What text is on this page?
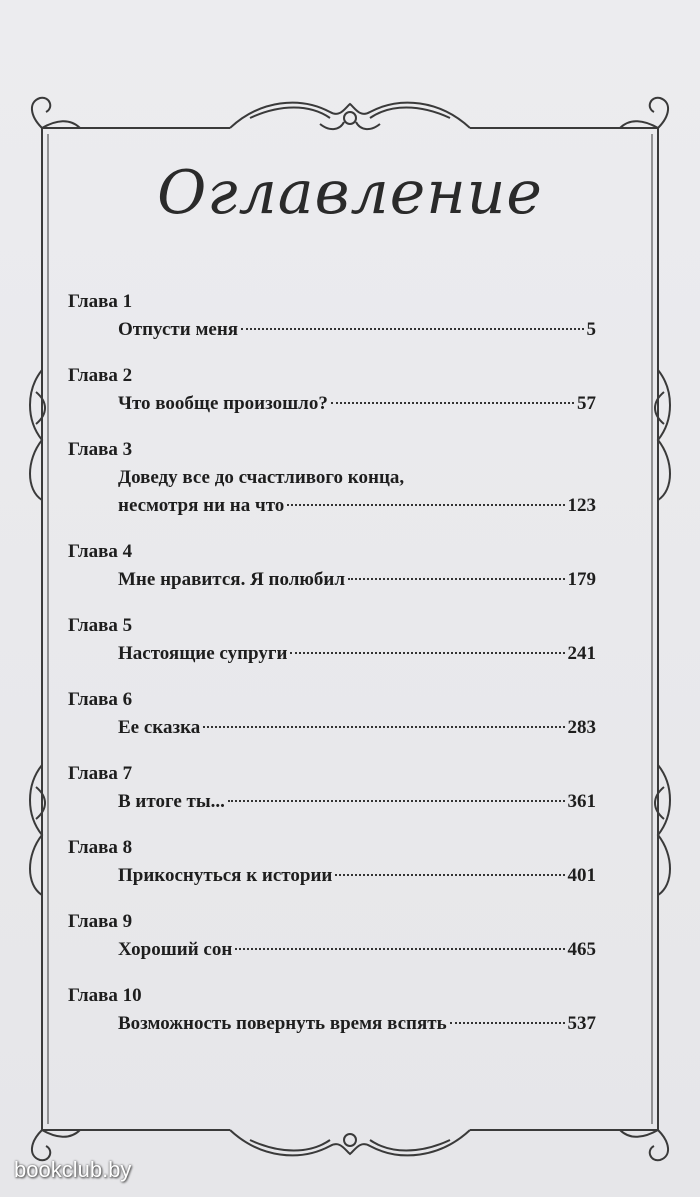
Оглавление
Глава 1
Отпусти меня	5
Глава 2
Что вообще произошло?	57
Глава 3
Доведу все до счастливого конца,
несмотря ни на что	123
Глава 4
Мне нравится. Я полюбил	179
Глава 5
Настоящие супруги	241
Глава 6
Ее сказка	283
Глава 7
В итоге ты...	361
Глава 8
Прикоснуться к истории	401
Глава 9
Хороший сон	465
Глава 10
Возможность повернуть время вспять	537
bookclub.by
